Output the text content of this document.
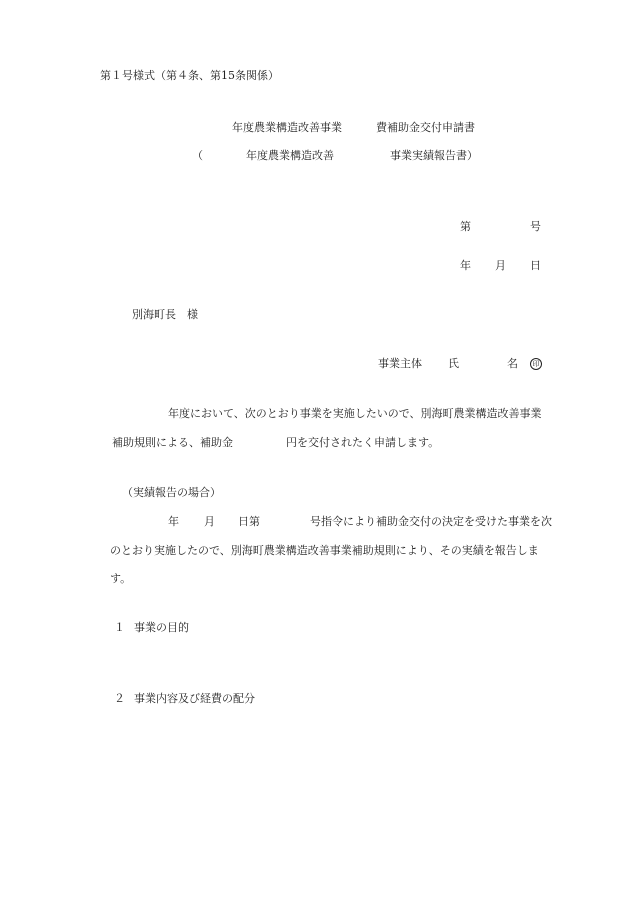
第１号様式（第４条、第15条関係）
年度農業構造改善事業	費補助金交付申請書
（	年度農業構造改善	事業実績報告書）
第	号
年 月 日
別海町長　様
事業主体 氏	名	印
年度において、次のとおり事業を実施したいので、別海町農業構造改善事業
補助規則による、補助金	円を交付されたく申請します。
（実績報告の場合）
年 月 日第	号指令により補助金交付の決定を受けた事業を次
のとおり実施したので、別海町農業構造改善事業補助規則により、その実績を報告しま
す。
１ 事業の目的
２ 事業内容及び経費の配分
